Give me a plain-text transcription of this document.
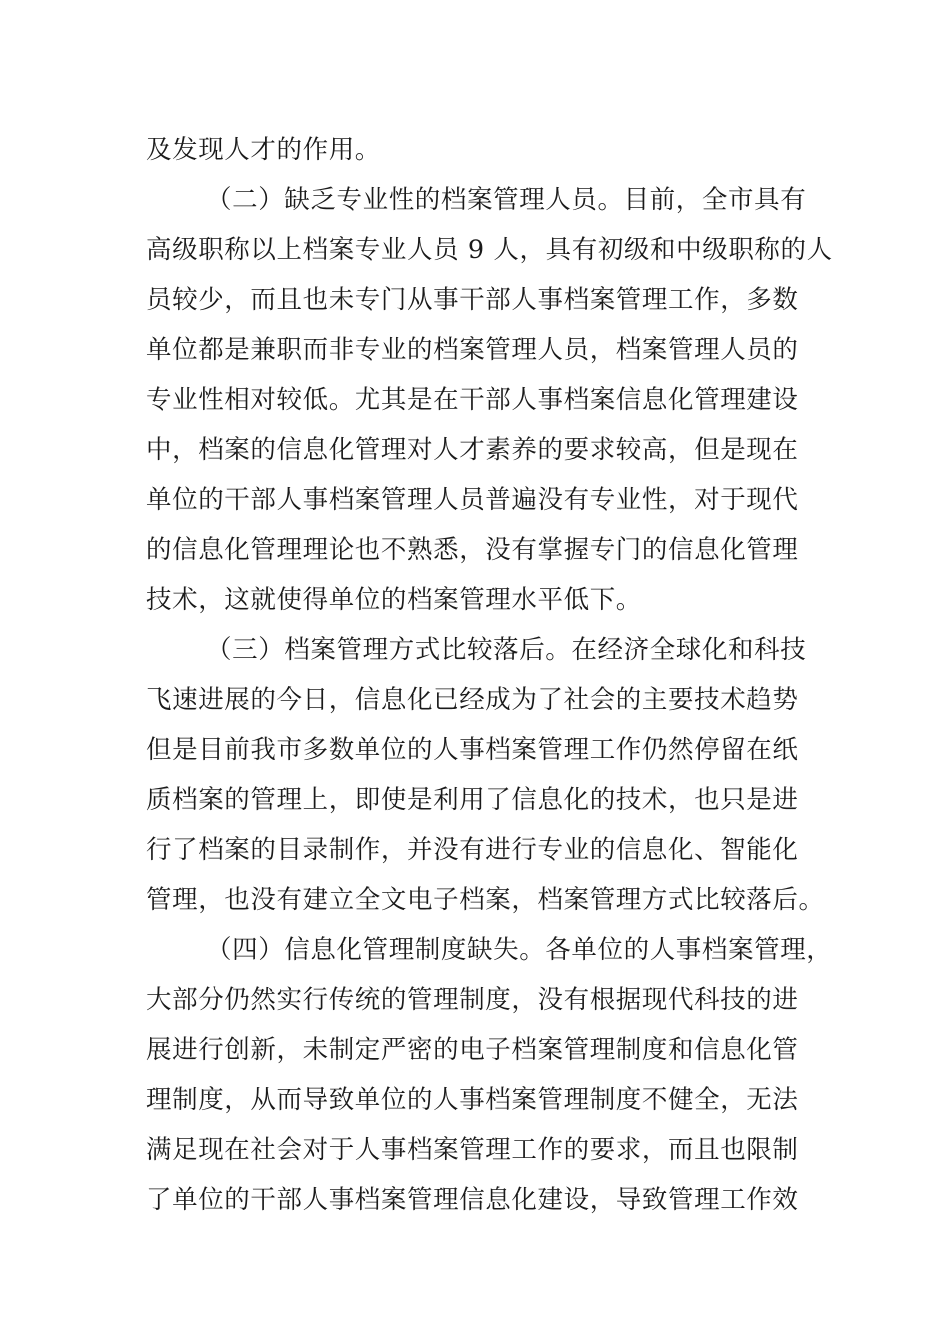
及发现人才的作用。
（二）缺乏专业性的档案管理人员。目前，全市具有
高级职称以上档案专业人员 9 人，具有初级和中级职称的人
员较少，而且也未专门从事干部人事档案管理工作，多数
单位都是兼职而非专业的档案管理人员，档案管理人员的
专业性相对较低。尤其是在干部人事档案信息化管理建设
中，档案的信息化管理对人才素养的要求较高，但是现在
单位的干部人事档案管理人员普遍没有专业性，对于现代
的信息化管理理论也不熟悉，没有掌握专门的信息化管理
技术，这就使得单位的档案管理水平低下。
（三）档案管理方式比较落后。在经济全球化和科技
飞速进展的今日，信息化已经成为了社会的主要技术趋势
但是目前我市多数单位的人事档案管理工作仍然停留在纸
质档案的管理上，即使是利用了信息化的技术，也只是进
行了档案的目录制作，并没有进行专业的信息化、智能化
管理，也没有建立全文电子档案，档案管理方式比较落后。
（四）信息化管理制度缺失。各单位的人事档案管理，
大部分仍然实行传统的管理制度，没有根据现代科技的进
展进行创新，未制定严密的电子档案管理制度和信息化管
理制度，从而导致单位的人事档案管理制度不健全，无法
满足现在社会对于人事档案管理工作的要求，而且也限制
了单位的干部人事档案管理信息化建设，导致管理工作效
